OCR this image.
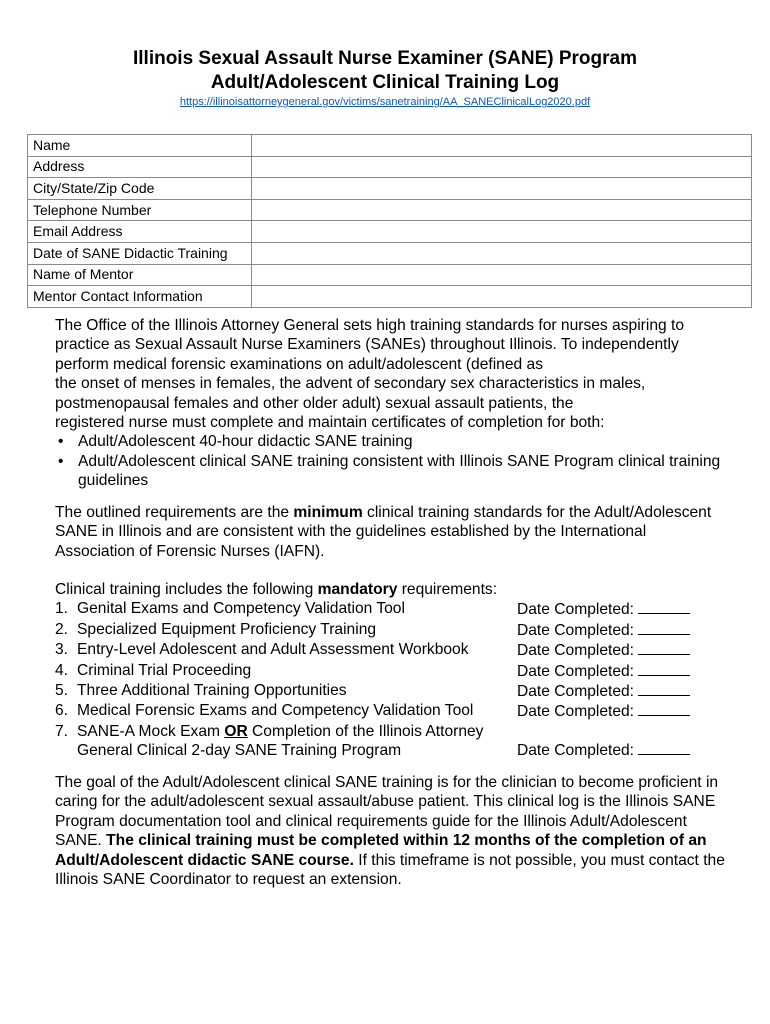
Illinois Sexual Assault Nurse Examiner (SANE) Program
Adult/Adolescent Clinical Training Log
https://illinoisattorneygeneral.gov/victims/sanetraining/AA_SANEClinicalLog2020.pdf
Name	
Address	
City/State/Zip Code	
Telephone Number	
Email Address	
Date of SANE Didactic Training	
Name of Mentor	
Mentor Contact Information	
The Office of the Illinois Attorney General sets high training standards for nurses aspiring to practice as Sexual Assault Nurse Examiners (SANEs) throughout Illinois. To independently perform medical forensic examinations on adult/adolescent (defined as
the onset of menses in females, the advent of secondary sex characteristics in males, postmenopausal females and other older adult) sexual assault patients, the
registered nurse must complete and maintain certificates of completion for both:
• Adult/Adolescent 40-hour didactic SANE training
• Adult/Adolescent clinical SANE training consistent with Illinois SANE Program clinical training guidelines
The outlined requirements are the minimum clinical training standards for the Adult/Adolescent SANE in Illinois and are consistent with the guidelines established by the International Association of Forensic Nurses (IAFN).
Clinical training includes the following mandatory requirements:
1. Genital Exams and Competency Validation Tool	Date Completed:
2. Specialized Equipment Proficiency Training	Date Completed:
3. Entry-Level Adolescent and Adult Assessment Workbook	Date Completed:
4. Criminal Trial Proceeding	Date Completed:
5. Three Additional Training Opportunities	Date Completed:
6. Medical Forensic Exams and Competency Validation Tool	Date Completed:
7. SANE-A Mock Exam OR Completion of the Illinois Attorney General Clinical 2-day SANE Training Program	Date Completed:
The goal of the Adult/Adolescent clinical SANE training is for the clinician to become proficient in caring for the adult/adolescent sexual assault/abuse patient. This clinical log is the Illinois SANE Program documentation tool and clinical requirements guide for the Illinois Adult/Adolescent SANE. The clinical training must be completed within 12 months of the completion of an Adult/Adolescent didactic SANE course. If this timeframe is not possible, you must contact the Illinois SANE Coordinator to request an extension.
